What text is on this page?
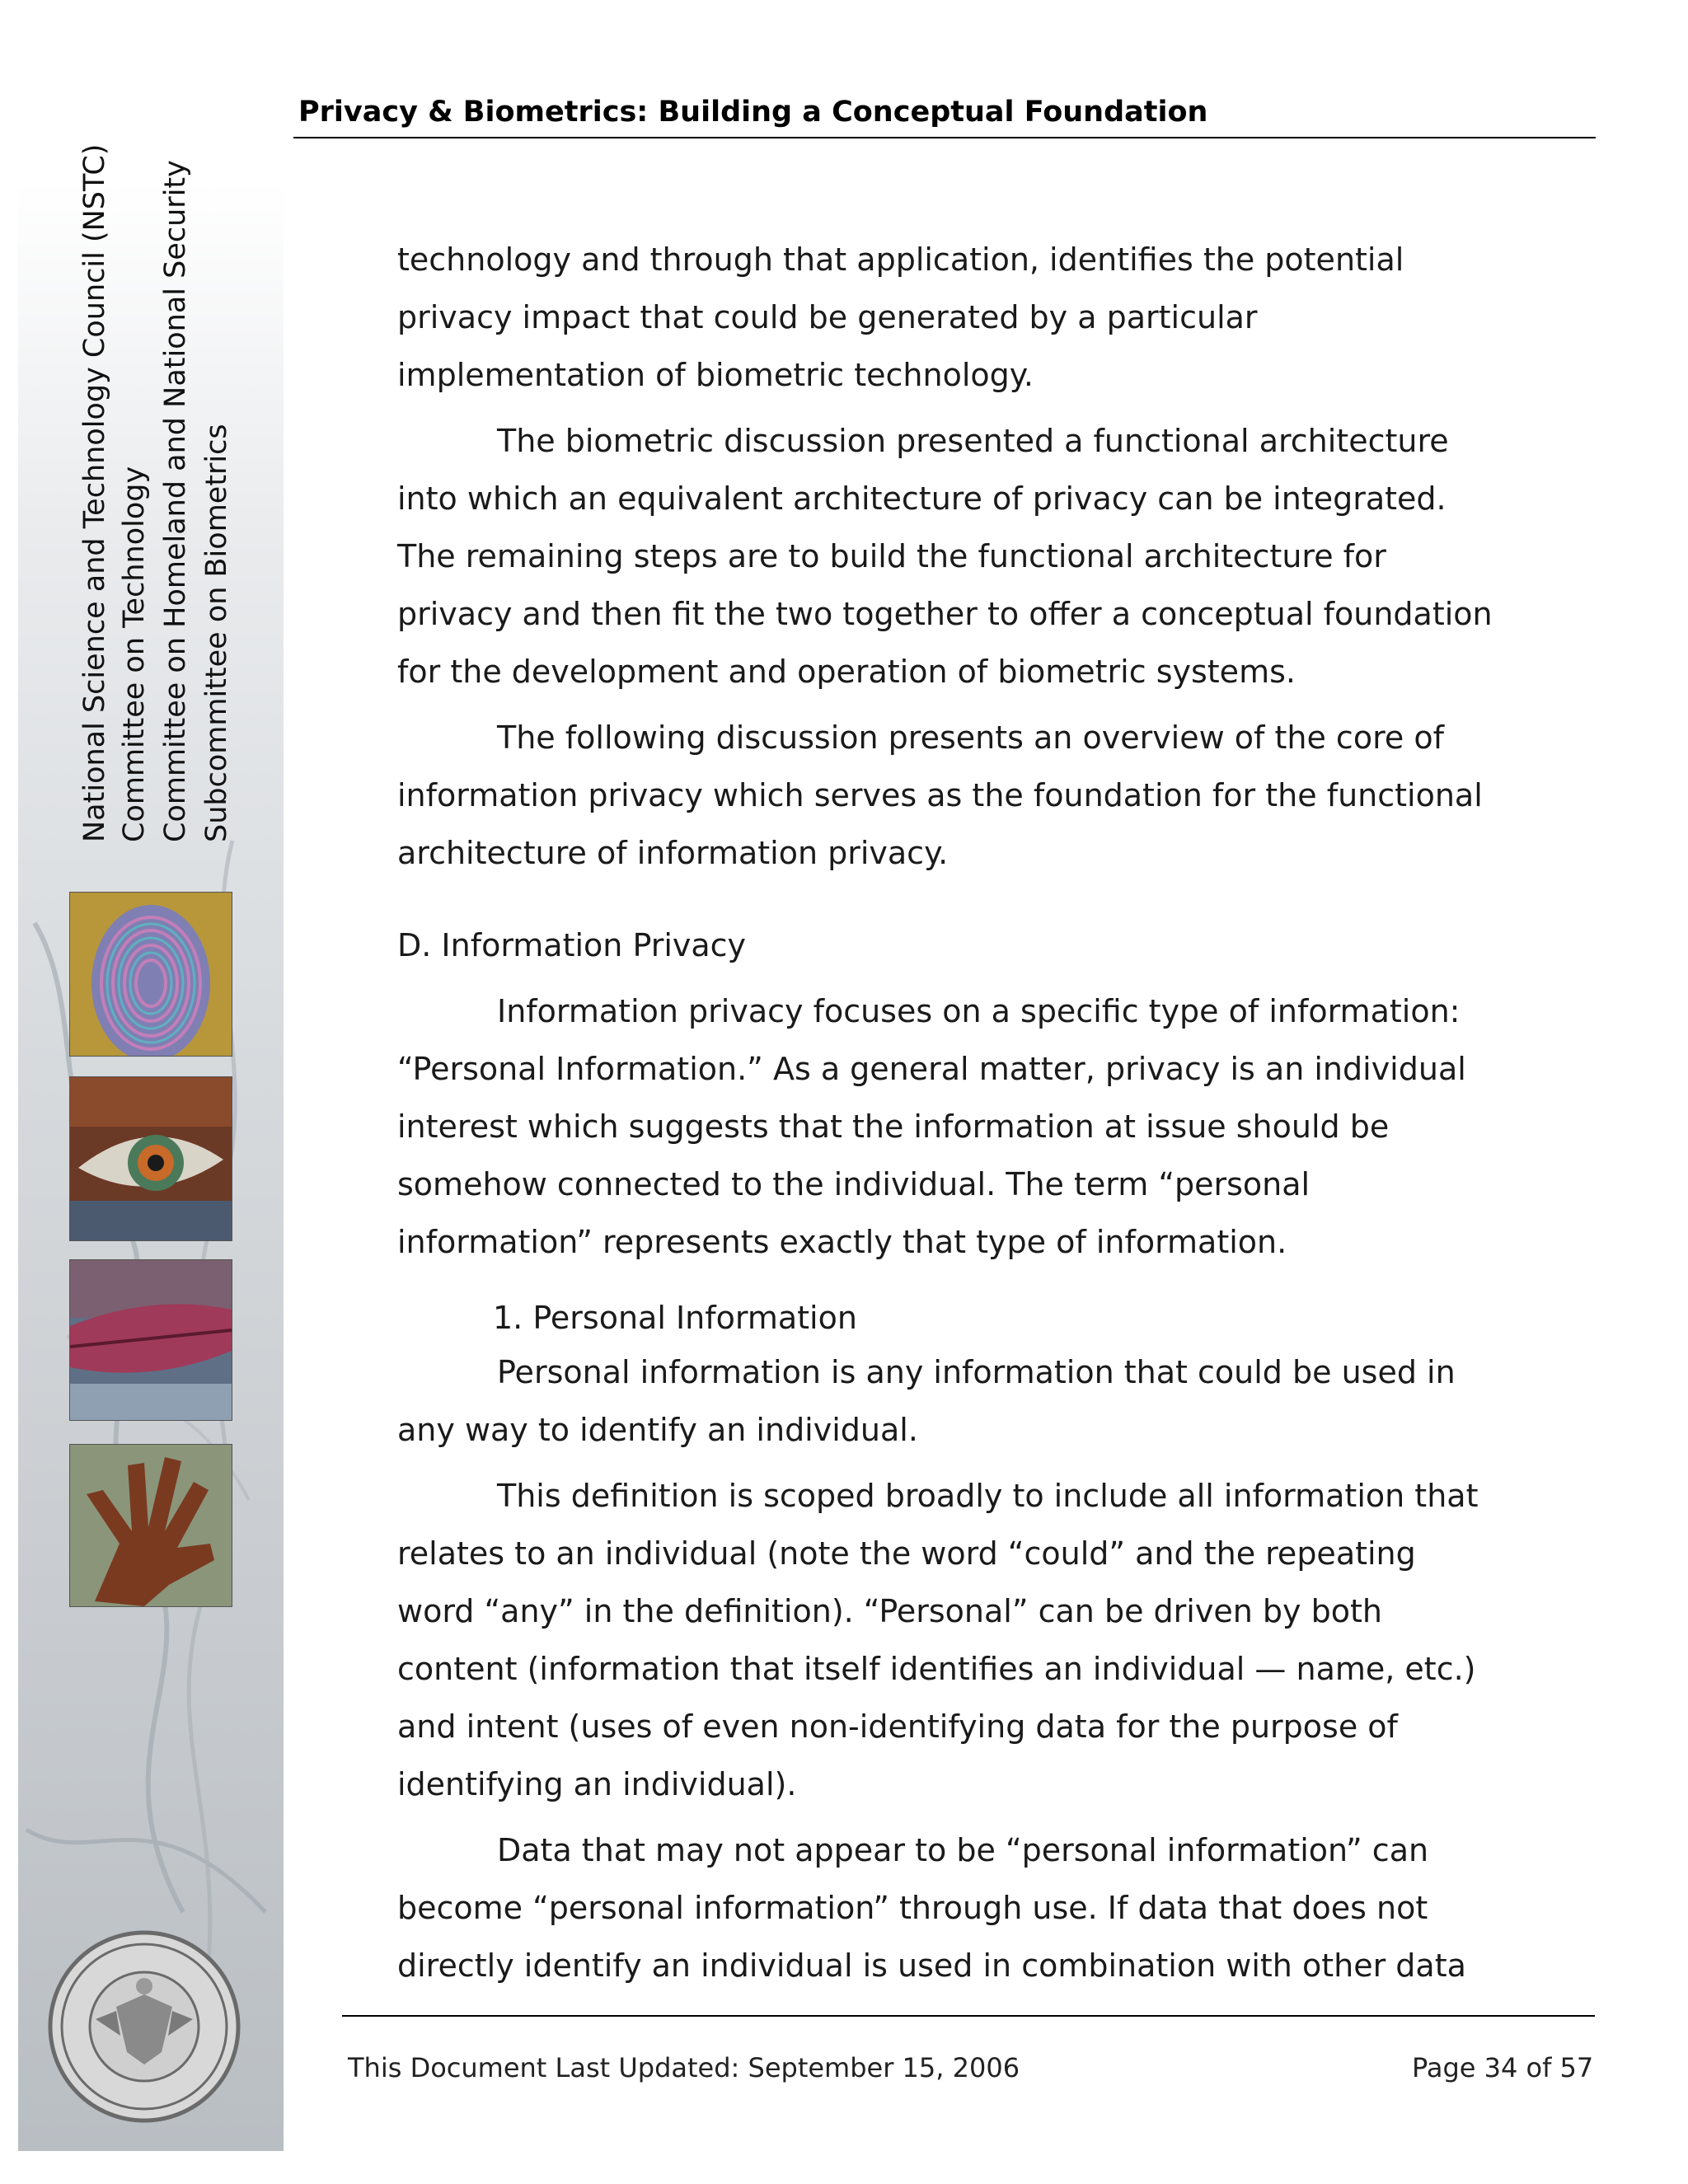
Privacy & Biometrics: Building a Conceptual Foundation
National Science and Technology Council (NSTC) Committee on Technology Committee on Homeland and National Security Subcommittee on Biometrics

technology and through that application, identifies the potential privacy impact that could be generated by a particular implementation of biometric technology.

The biometric discussion presented a functional architecture into which an equivalent architecture of privacy can be integrated. The remaining steps are to build the functional architecture for privacy and then fit the two together to offer a conceptual foundation for the development and operation of biometric systems.

The following discussion presents an overview of the core of information privacy which serves as the foundation for the functional architecture of information privacy.

D. Information Privacy

Information privacy focuses on a specific type of information: “Personal Information.” As a general matter, privacy is an individual interest which suggests that the information at issue should be somehow connected to the individual. The term “personal information” represents exactly that type of information.

1. Personal Information

Personal information is any information that could be used in any way to identify an individual.

This definition is scoped broadly to include all information that relates to an individual (note the word “could” and the repeating word “any” in the definition). “Personal” can be driven by both content (information that itself identifies an individual — name, etc.) and intent (uses of even non-identifying data for the purpose of identifying an individual).

Data that may not appear to be “personal information” can become “personal information” through use. If data that does not directly identify an individual is used in combination with other data

This Document Last Updated: September 15, 2006	Page 34 of 57
